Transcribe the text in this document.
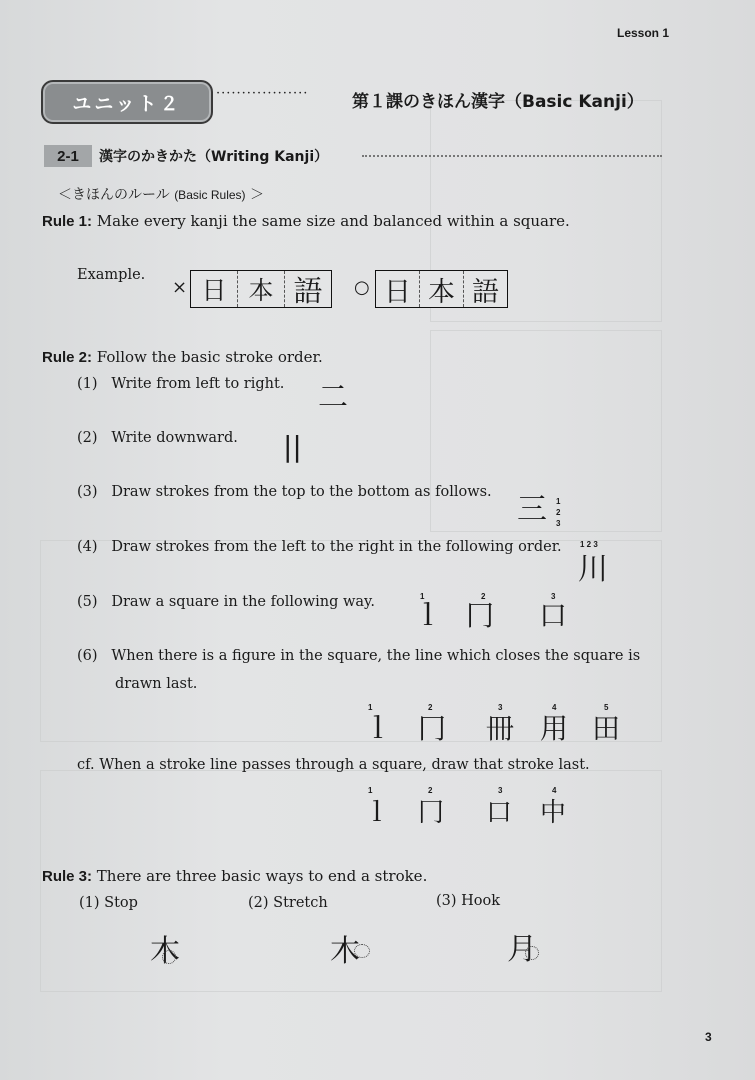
Lesson 1
ユニット２	··················	第１課のきほん漢字（Basic Kanji）
2-1	漢字のかきかた（Writing Kanji）
＜きほんのルール (Basic Rules) ＞
Rule 1: Make every kanji the same size and balanced within a square.
Example.
× 日 本 語	○ 日 本 語
Rule 2: Follow the basic stroke order.
(1) Write from left to right. 二
(2) Write downward. ||
(3) Draw strokes from the top to the bottom as follows. 三 1
2
3
(4) Draw strokes from the left to the right in the following order. 1 2 3
川
(5) Draw a square in the following way.	1
ｌ
2
冂
3
口
(6) When there is a figure in the square, the line which closes the square is
drawn last.
1
ｌ
2
冂
3
冊
4
用
5
田
cf. When a stroke line passes through a square, draw that stroke last.
1
ｌ
2
冂
3
口
4
中
Rule 3: There are three basic ways to end a stroke.
(1) Stop	(2) Stretch	(3) Hook
木	木	月
3
